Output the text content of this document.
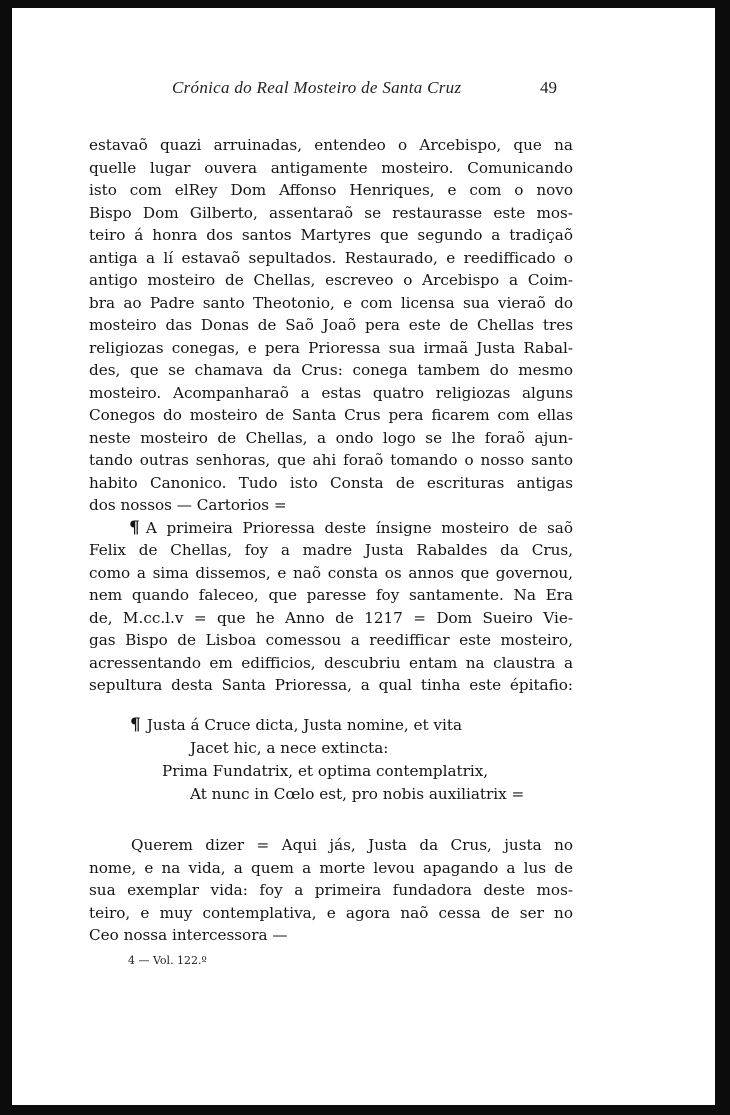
Crónica do Real Mosteiro de Santa Cruz	49
estavaõ quazi arruinadas, entendeo o Arcebispo, que na
quelle lugar ouvera antigamente mosteiro. Comunicando
isto com elRey Dom Affonso Henriques, e com o novo
Bispo Dom Gilberto, assentaraõ se restaurasse este mos-
teiro á honra dos santos Martyres que segundo a tradiçaõ
antiga a lí estavaõ sepultados. Restaurado, e reedifficado o
antigo mosteiro de Chellas, escreveo o Arcebispo a Coim-
bra ao Padre santo Theotonio, e com licensa sua vieraõ do
mosteiro das Donas de Saõ Joaõ pera este de Chellas tres
religiozas conegas, e pera Prioressa sua irmaã Justa Rabal-
des, que se chamava da Crus: conega tambem do mesmo
mosteiro. Acompanharaõ a estas quatro religiozas alguns
Conegos do mosteiro de Santa Crus pera ficarem com ellas
neste mosteiro de Chellas, a ondo logo se lhe foraõ ajun-
tando outras senhoras, que ahi foraõ tomando o nosso santo
habito Canonico. Tudo isto Consta de escrituras antigas
dos nossos — Cartorios =
¶ A primeira Prioressa deste ínsigne mosteiro de saõ
Felix de Chellas, foy a madre Justa Rabaldes da Crus,
como a sima dissemos, e naõ consta os annos que governou,
nem quando faleceo, que paresse foy santamente. Na Era
de, M.cc.l.v = que he Anno de 1217 = Dom Sueiro Vie-
gas Bispo de Lisboa comessou a reedifficar este mosteiro,
acressentando em edifficios, descubriu entam na claustra a
sepultura desta Santa Prioressa, a qual tinha este épitafio:
¶ Justa á Cruce dicta, Justa nomine, et vita
Jacet hic, a nece extincta:
Prima Fundatrix, et optima contemplatrix,
At nunc in Cœlo est, pro nobis auxiliatrix =
Querem dizer = Aqui jás, Justa da Crus, justa no
nome, e na vida, a quem a morte levou apagando a lus de
sua exemplar vida: foy a primeira fundadora deste mos-
teiro, e muy contemplativa, e agora naõ cessa de ser no
Ceo nossa intercessora —
4 — Vol. 122.º
